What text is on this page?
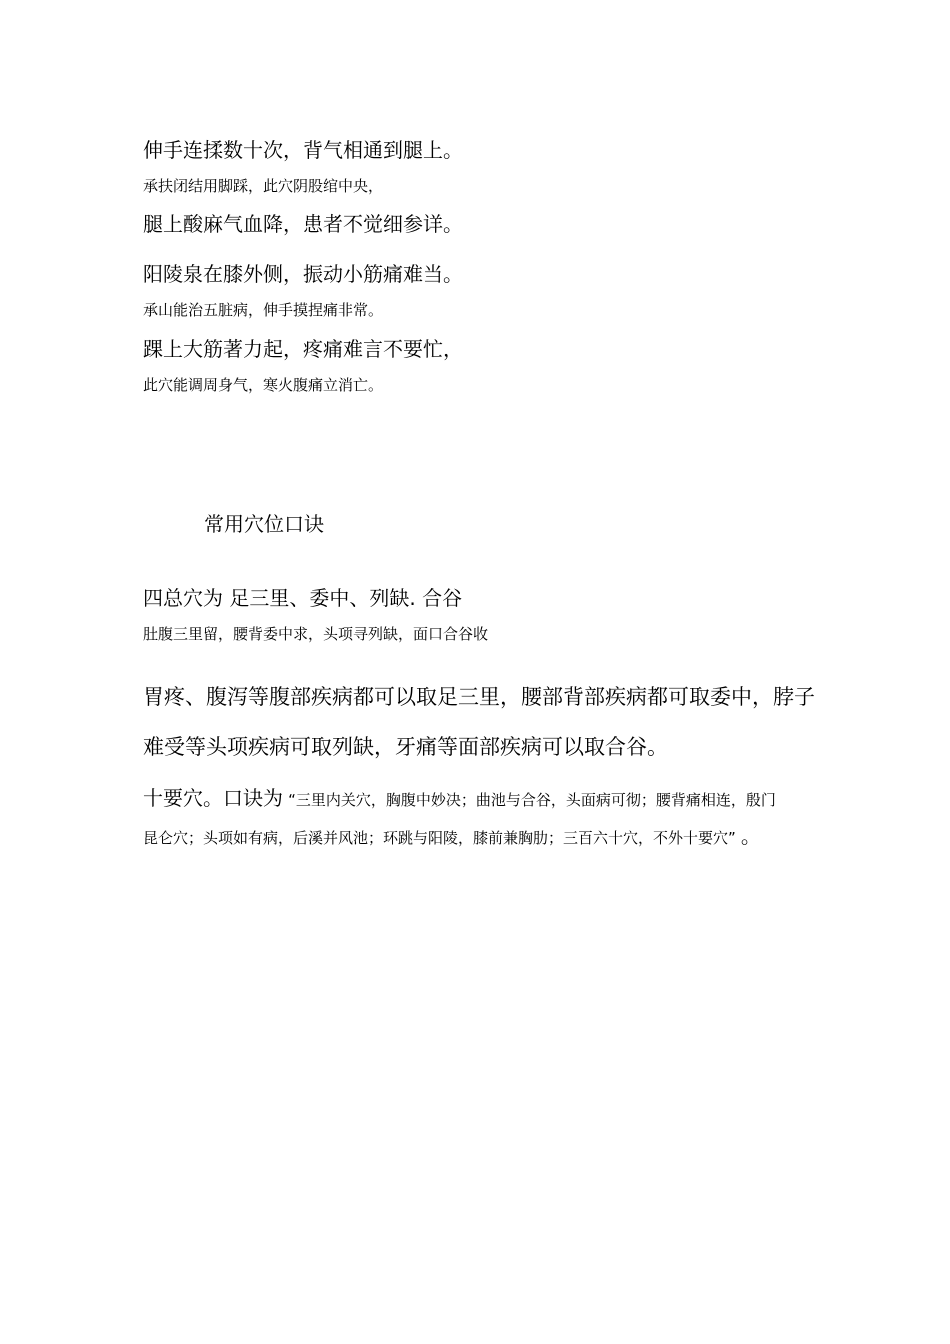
伸手连揉数十次，背气相通到腿上。
承扶闭结用脚踩，此穴阴股绾中央，
腿上酸麻气血降，患者不觉细参详。
阳陵泉在膝外侧，振动小筋痛难当。
承山能治五脏病，伸手摸捏痛非常。
踝上大筋著力起，疼痛难言不要忙，
此穴能调周身气，寒火腹痛立消亡。
常用穴位口诀
四总穴为 足三里、委中、列缺. 合谷
肚腹三里留，腰背委中求，头项寻列缺，面口合谷收
胃疼、腹泻等腹部疾病都可以取足三里，腰部背部疾病都可取委中，脖子
难受等头项疾病可取列缺，牙痛等面部疾病可以取合谷。
十要穴。口诀为 “三里内关穴，胸腹中妙决；曲池与合谷，头面病可彻；腰背痛相连，殷门
昆仑穴；头项如有病，后溪并风池；环跳与阳陵，膝前兼胸肋；三百六十穴，不外十要穴” 。
